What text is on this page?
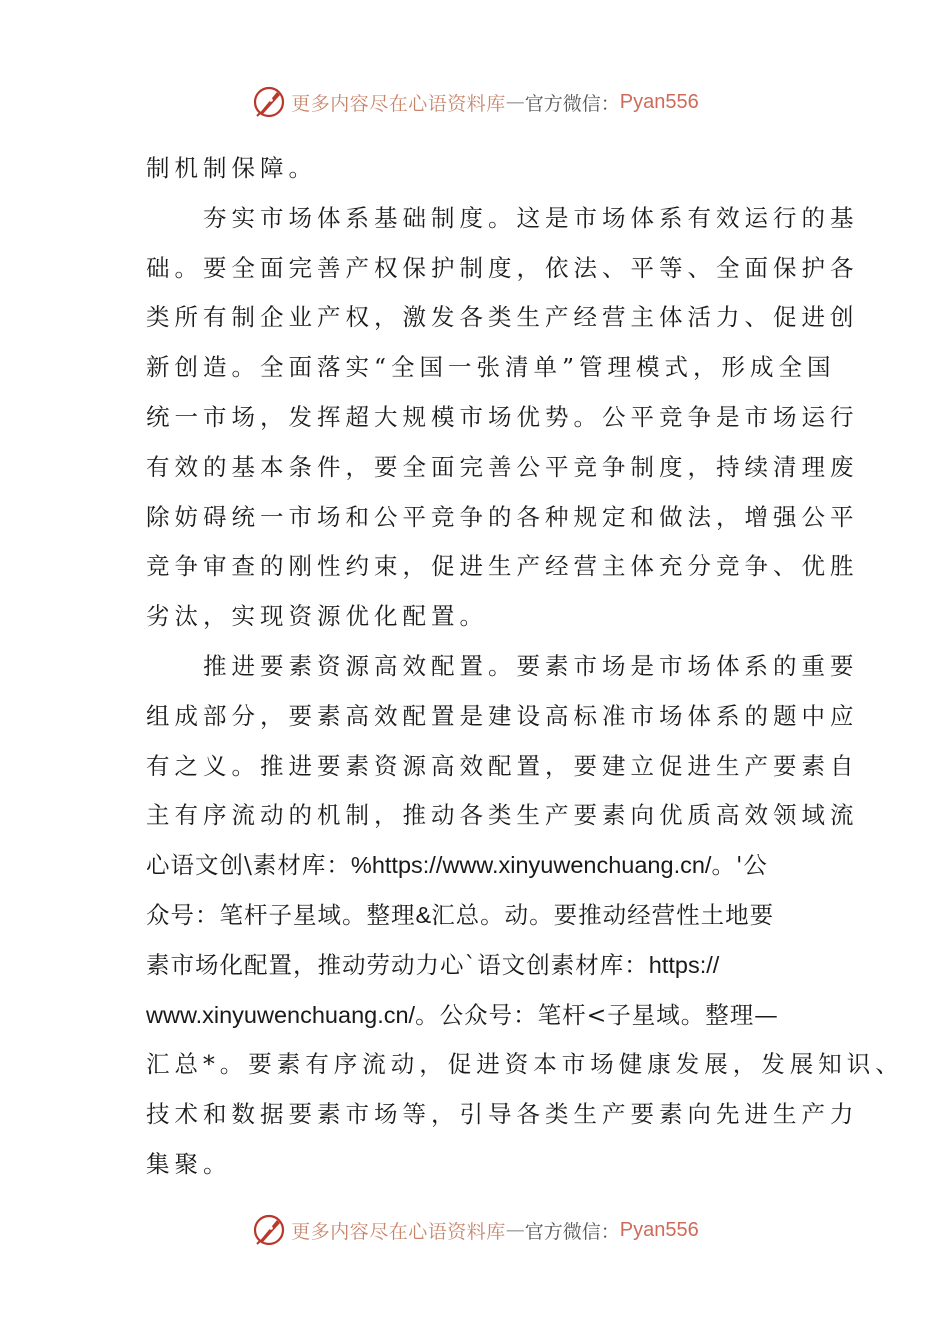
更多内容尽在心语资料库 — 官方微信： Pyan556
制机制保障。
　　夯实市场体系基础制度。这是市场体系有效运行的基
础。要全面完善产权保护制度，依法、平等、全面保护各
类所有制企业产权，激发各类生产经营主体活力、促进创
新创造。全面落实“全国一张清单”管理模式，形成全国
统一市场，发挥超大规模市场优势。公平竞争是市场运行
有效的基本条件，要全面完善公平竞争制度，持续清理废
除妨碍统一市场和公平竞争的各种规定和做法，增强公平
竞争审查的刚性约束，促进生产经营主体充分竞争、优胜
劣汰，实现资源优化配置。
　　推进要素资源高效配置。要素市场是市场体系的重要
组成部分，要素高效配置是建设高标准市场体系的题中应
有之义。推进要素资源高效配置，要建立促进生产要素自
主有序流动的机制，推动各类生产要素向优质高效领域流
心语文创\素材库：%https://www.xinyuwenchuang.cn/。'公
众号：笔杆子星域。整理&汇总。动。要推动经营性土地要
素市场化配置，推动劳动力心`语文创素材库：https://
www.xinyuwenchuang.cn/。公众号：笔杆<子星域。整理—
汇总*。要素有序流动，促进资本市场健康发展，发展知识、
技术和数据要素市场等，引导各类生产要素向先进生产力
集聚。
更多内容尽在心语资料库 — 官方微信： Pyan556
